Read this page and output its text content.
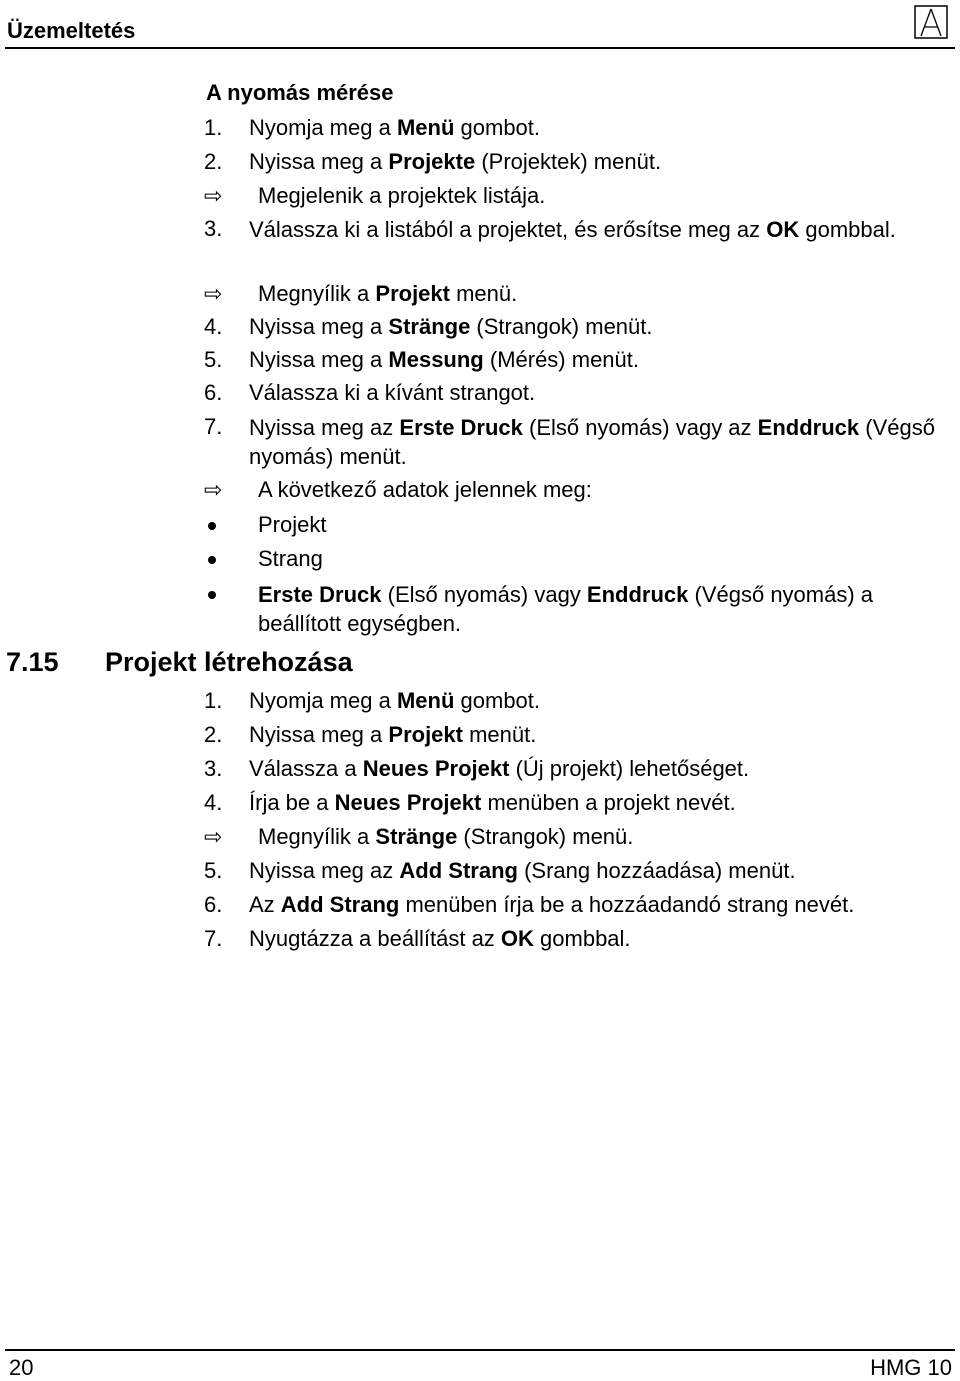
Üzemeltetés
A nyomás mérése
1. Nyomja meg a Menü gombot.
2. Nyissa meg a Projekte (Projektek) menüt.
⇨ Megjelenik a projektek listája.
3. Válassza ki a listából a projektet, és erősítse meg az OK gombbal.
⇨ Megnyílik a Projekt menü.
4. Nyissa meg a Stränge (Strangok) menüt.
5. Nyissa meg a Messung (Mérés) menüt.
6. Válassza ki a kívánt strangot.
7. Nyissa meg az Erste Druck (Első nyomás) vagy az Enddruck (Végső nyomás) menüt.
⇨ A következő adatok jelennek meg:
Projekt
Strang
Erste Druck (Első nyomás) vagy Enddruck (Végső nyomás) a beállított egységben.
7.15 Projekt létrehozása
1. Nyomja meg a Menü gombot.
2. Nyissa meg a Projekt menüt.
3. Válassza a Neues Projekt (Új projekt) lehetőséget.
4. Írja be a Neues Projekt menüben a projekt nevét.
⇨ Megnyílik a Stränge (Strangok) menü.
5. Nyissa meg az Add Strang (Srang hozzáadása) menüt.
6. Az Add Strang menüben írja be a hozzáadandó strang nevét.
7. Nyugtázza a beállítást az OK gombbal.
20	HMG 10
